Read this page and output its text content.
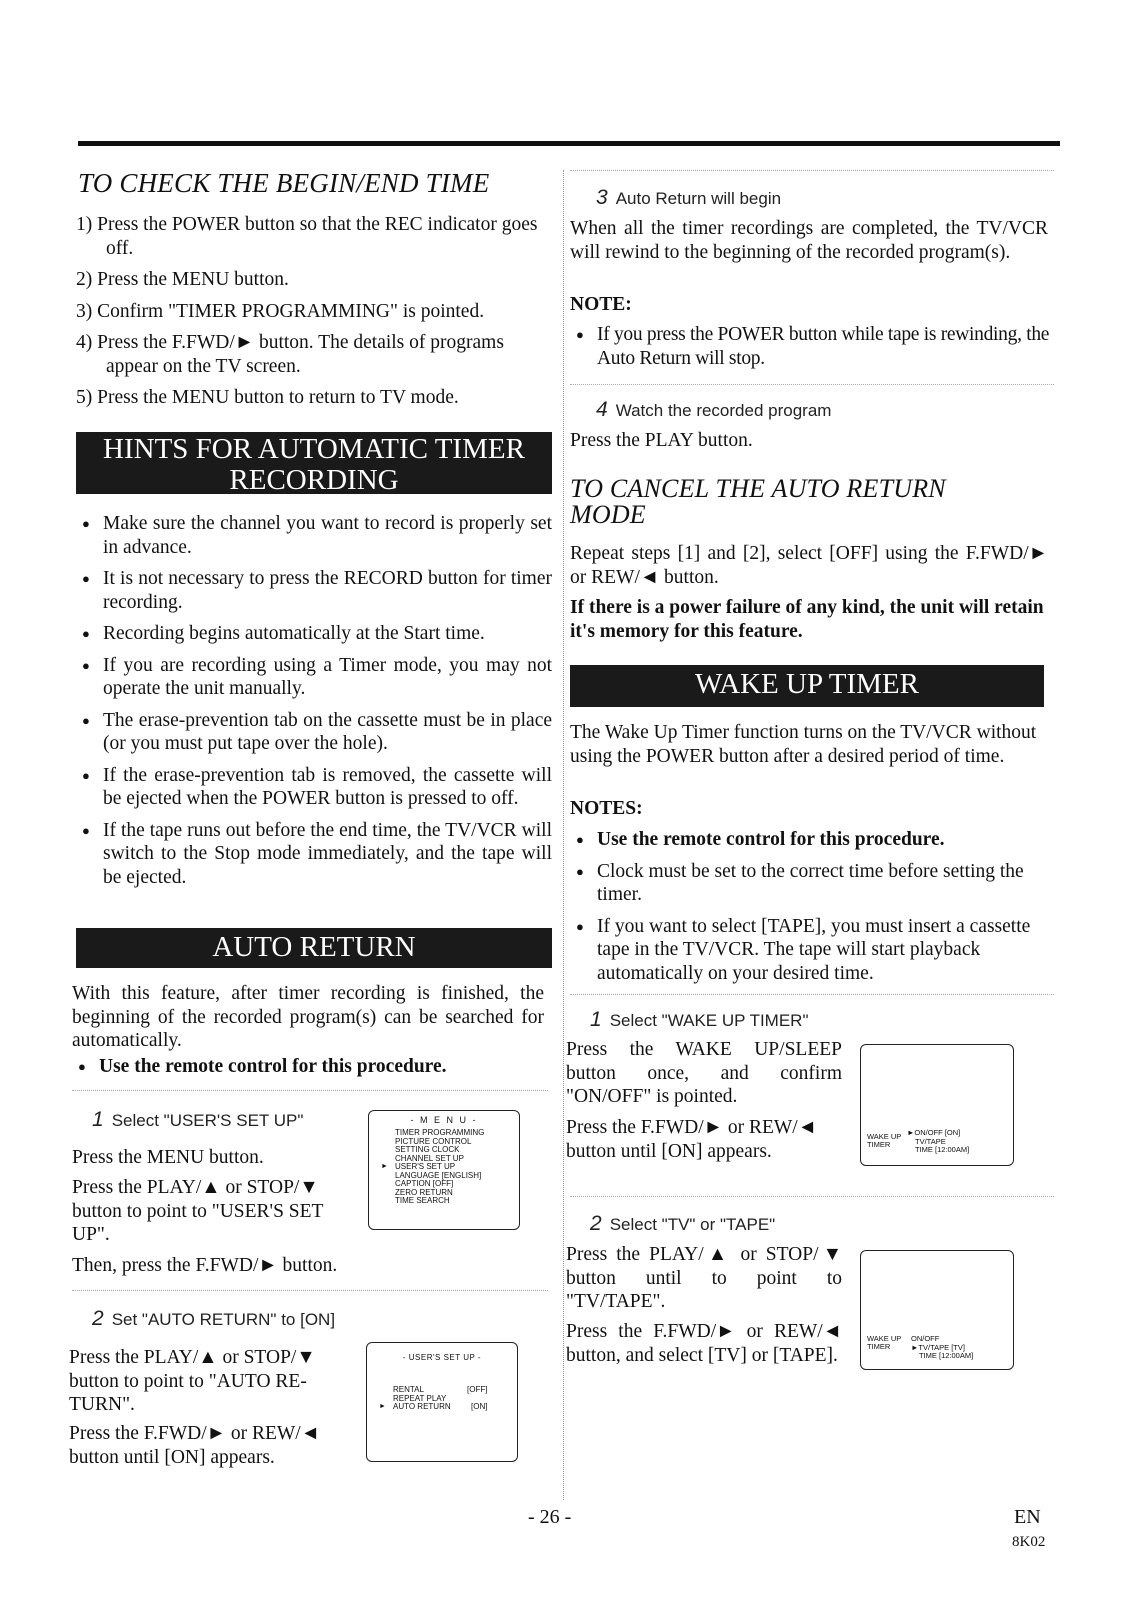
TO CHECK THE BEGIN/END TIME
1) Press the POWER button so that the REC indicator goes off.
2) Press the MENU button.
3) Confirm "TIMER PROGRAMMING" is pointed.
4) Press the F.FWD/► button. The details of programs appear on the TV screen.
5) Press the MENU button to return to TV mode.
HINTS FOR AUTOMATIC TIMER
RECORDING
● Make sure the channel you want to record is properly set in advance.
● It is not necessary to press the RECORD button for timer recording.
● Recording begins automatically at the Start time.
● If you are recording using a Timer mode, you may not operate the unit manually.
● The erase-prevention tab on the cassette must be in place (or you must put tape over the hole).
● If the erase-prevention tab is removed, the cassette will be ejected when the POWER button is pressed to off.
● If the tape runs out before the end time, the TV/VCR will switch to the Stop mode immediately, and the tape will be ejected.
AUTO RETURN

With this feature, after timer recording is finished, the beginning of the recorded program(s) can be searched for automatically.

● Use the remote control for this procedure.

1 Select "USER'S SET UP"

Press the MENU button.

Press the PLAY/▲ or STOP/▼ button to point to "USER'S SET UP".

Then, press the F.FWD/► button.

- M E N U -
TIMER PROGRAMMING
PICTURE CONTROL
SETTING CLOCK
CHANNEL SET UP
► USER'S SET UP
LANGUAGE [ENGLISH]
CAPTION [OFF]
ZERO RETURN
TIME SEARCH
2 Set "AUTO RETURN" to [ON]

Press the PLAY/▲ or STOP/▼ button to point to "AUTO RE-TURN".

Press the F.FWD/► or REW/◄ button until [ON] appears.

- USER'S SET UP -
RENTAL	[OFF]
REPEAT PLAY
► AUTO RETURN	[ON]
3 Auto Return will begin

When all the timer recordings are completed, the TV/VCR will rewind to the beginning of the recorded program(s).

NOTE:

● If you press the POWER button while tape is rewinding, the Auto Return will stop.
4 Watch the recorded program

Press the PLAY button.

TO CANCEL THE AUTO RETURN MODE

Repeat steps [1] and [2], select [OFF] using the F.FWD/► or REW/◄ button.

If there is a power failure of any kind, the unit will retain it's memory for this feature.

WAKE UP TIMER

The Wake Up Timer function turns on the TV/VCR without using the POWER button after a desired period of time.

NOTES:

● Use the remote control for this procedure.
● Clock must be set to the correct time before setting the timer.
● If you want to select [TAPE], you must insert a cassette tape in the TV/VCR. The tape will start playback automatically on your desired time.
1 Select "WAKE UP TIMER"

Press the WAKE UP/SLEEP button once, and confirm "ON/OFF" is pointed.

Press the F.FWD/► or REW/◄ button until [ON] appears.

WAKE UP
TIMER
►ON/OFF [ON]
TV/TAPE
TIME [12:00AM]
2 Select "TV" or "TAPE"

Press the PLAY/▲ or STOP/▼ button until to point to "TV/TAPE".

Press the F.FWD/► or REW/◄ button, and select [TV] or [TAPE].

WAKE UP
TIMER
ON/OFF
►TV/TAPE [TV]
TIME [12:00AM]
- 26 -	EN
8K02
